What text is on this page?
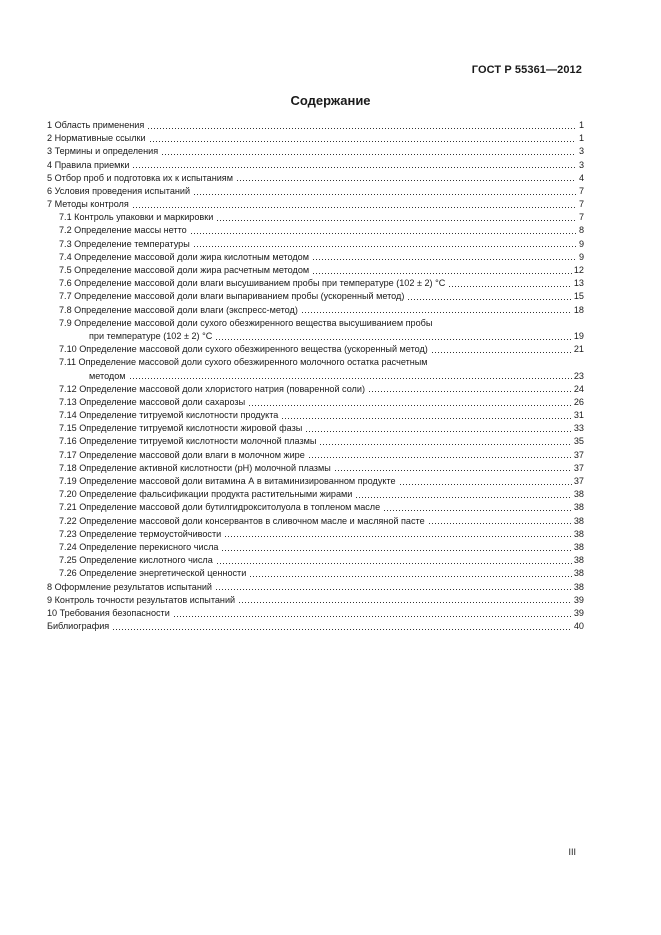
ГОСТ Р 55361—2012
Содержание
1 Область применения	1
2 Нормативные ссылки	1
3 Термины и определения	3
4 Правила приемки	3
5 Отбор проб и подготовка их к испытаниям	4
6 Условия проведения испытаний	7
7 Методы контроля	7
7.1 Контроль упаковки и маркировки	7
7.2 Определение массы нетто	8
7.3 Определение температуры	9
7.4 Определение массовой доли жира кислотным методом	9
7.5 Определение массовой доли жира расчетным методом	12
7.6 Определение массовой доли влаги высушиванием пробы при температуре (102 ± 2) °С	13
7.7 Определение массовой доли влаги выпариванием пробы (ускоренный метод)	15
7.8 Определение массовой доли влаги (экспресс-метод)	18
7.9 Определение массовой доли сухого обезжиренного вещества высушиванием пробы
при температуре (102 ± 2) °С	19
7.10 Определение массовой доли сухого обезжиренного вещества (ускоренный метод)	21
7.11 Определение массовой доли сухого обезжиренного молочного остатка расчетным
методом	23
7.12 Определение массовой доли хлористого натрия (поваренной соли)	24
7.13 Определение массовой доли сахарозы	26
7.14 Определение титруемой кислотности продукта	31
7.15 Определение титруемой кислотности жировой фазы	33
7.16 Определение титруемой кислотности молочной плазмы	35
7.17 Определение массовой доли влаги в молочном жире	37
7.18 Определение активной кислотности (pH) молочной плазмы	37
7.19 Определение массовой доли витамина А в витаминизированном продукте	37
7.20 Определение фальсификации продукта растительными жирами	38
7.21 Определение массовой доли бутилгидрокситолуола в топленом масле	38
7.22 Определение массовой доли консервантов в сливочном масле и масляной пасте	38
7.23 Определение термоустойчивости	38
7.24 Определение перекисного числа	38
7.25 Определение кислотного числа	38
7.26 Определение энергетической ценности	38
8 Оформление результатов испытаний	38
9 Контроль точности результатов испытаний	39
10 Требования безопасности	39
Библиография	40
III
